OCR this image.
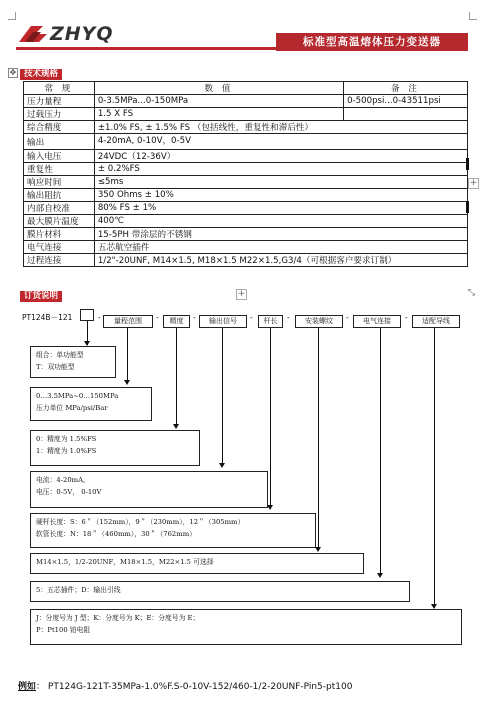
ZHYQ	标准型高温熔体压力变送器
✥ 技术规格
常 规	数 值	备 注
压力量程	0-3.5MPa...0-150MPa	0-500psi...0-43511psi
过载压力	1.5 X FS	
综合精度	±1.0% FS, ± 1.5% FS （包括线性，重复性和滞后性）	
输出	4-20mA, 0-10V，0-5V	
输入电压	24VDC（12-36V）	
重复性	± 0.2%FS	
响应时间	≤5ms	
输出阻抗	350 Ohms ± 10%	
内部自校准	80% FS ± 1%	
最大膜片温度	400℃	
膜片材料	15-5PH 带涂层的不锈钢	
电气连接	五芯航空插件	
过程连接	1/2"-20UNF, M14×1.5, M18×1.5 M22×1.5,G3/4（可根据客户要求订制）	
+
+	⤡
订货说明
PT124B－121	-	量程范围	-	精度	-	输出信号	-	杆长	-	安装螺纹	-	电气连接	-	适配导线
组合：单功能型
T：双功能型
0…3.5MPa~0…150MPa
压力单位 MPa/psi/Bar
0：精度为 1.5%FS
1：精度为 1.0%FS
电流：4-20mA,
电压：0-5V， 0-10V
硬杆长度：S：6＂（152mm），9＂（230mm），12＂（305mm）
软管长度：N：18＂（460mm），30＂（762mm）
M14×1.5，1/2-20UNF，M18×1.5，M22×1.5 可选择
5：五芯插件；D：输出引线
J：分度号为 J 型；K：分度号为 K；E：分度号为 E；
P：Pt100 铂电阻
例如： PT124G-121T-35MPa-1.0%F.S-0-10V-152/460-1/2-20UNF-Pin5-pt100
